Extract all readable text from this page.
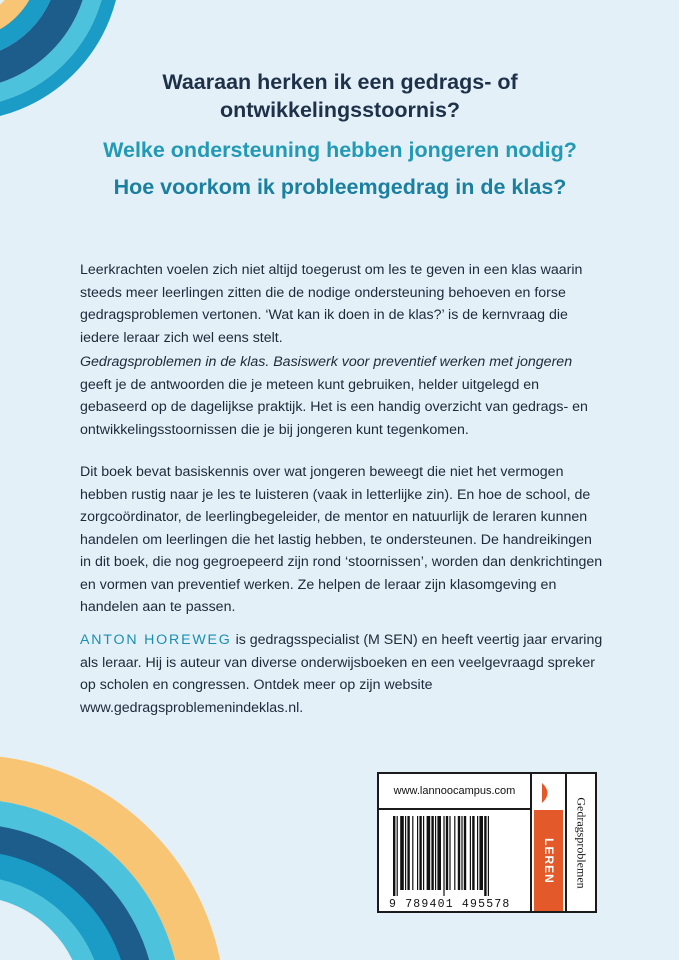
Waaraan herken ik een gedrags- of
ontwikkelingsstoornis?
Welke ondersteuning hebben jongeren nodig?
Hoe voorkom ik probleemgedrag in de klas?

Leerkrachten voelen zich niet altijd toegerust om les te geven in een klas waarin steeds meer leerlingen zitten die de nodige ondersteuning behoeven en forse gedragsproblemen vertonen. ‘Wat kan ik doen in de klas?’ is de kernvraag die iedere leraar zich wel eens stelt.

Gedragsproblemen in de klas. Basiswerk voor preventief werken met jongeren geeft je de antwoorden die je meteen kunt gebruiken, helder uitgelegd en gebaseerd op de dagelijkse praktijk. Het is een handig overzicht van gedrags- en ontwikkelingsstoornissen die je bij jongeren kunt tegenkomen.

Dit boek bevat basiskennis over wat jongeren beweegt die niet het vermogen hebben rustig naar je les te luisteren (vaak in letterlijke zin). En hoe de school, de zorgcoördinator, de leerlingbegeleider, de mentor en natuurlijk de leraren kunnen handelen om leerlingen die het lastig hebben, te ondersteunen. De handreikingen in dit boek, die nog gegroepeerd zijn rond ‘stoornissen’, worden dan denkrichtingen en vormen van preventief werken. Ze helpen de leraar zijn klasomgeving en handelen aan te passen.

ANTON HOREWEG is gedragsspecialist (M SEN) en heeft veertig jaar ervaring als leraar. Hij is auteur van diverse onderwijsboeken en een veelgevraagd spreker op scholen en congressen. Ontdek meer op zijn website www.gedragsproblemenindeklas.nl.

www.lannoocampus.com
9 789401 495578
LEREN Gedragsproblemen
